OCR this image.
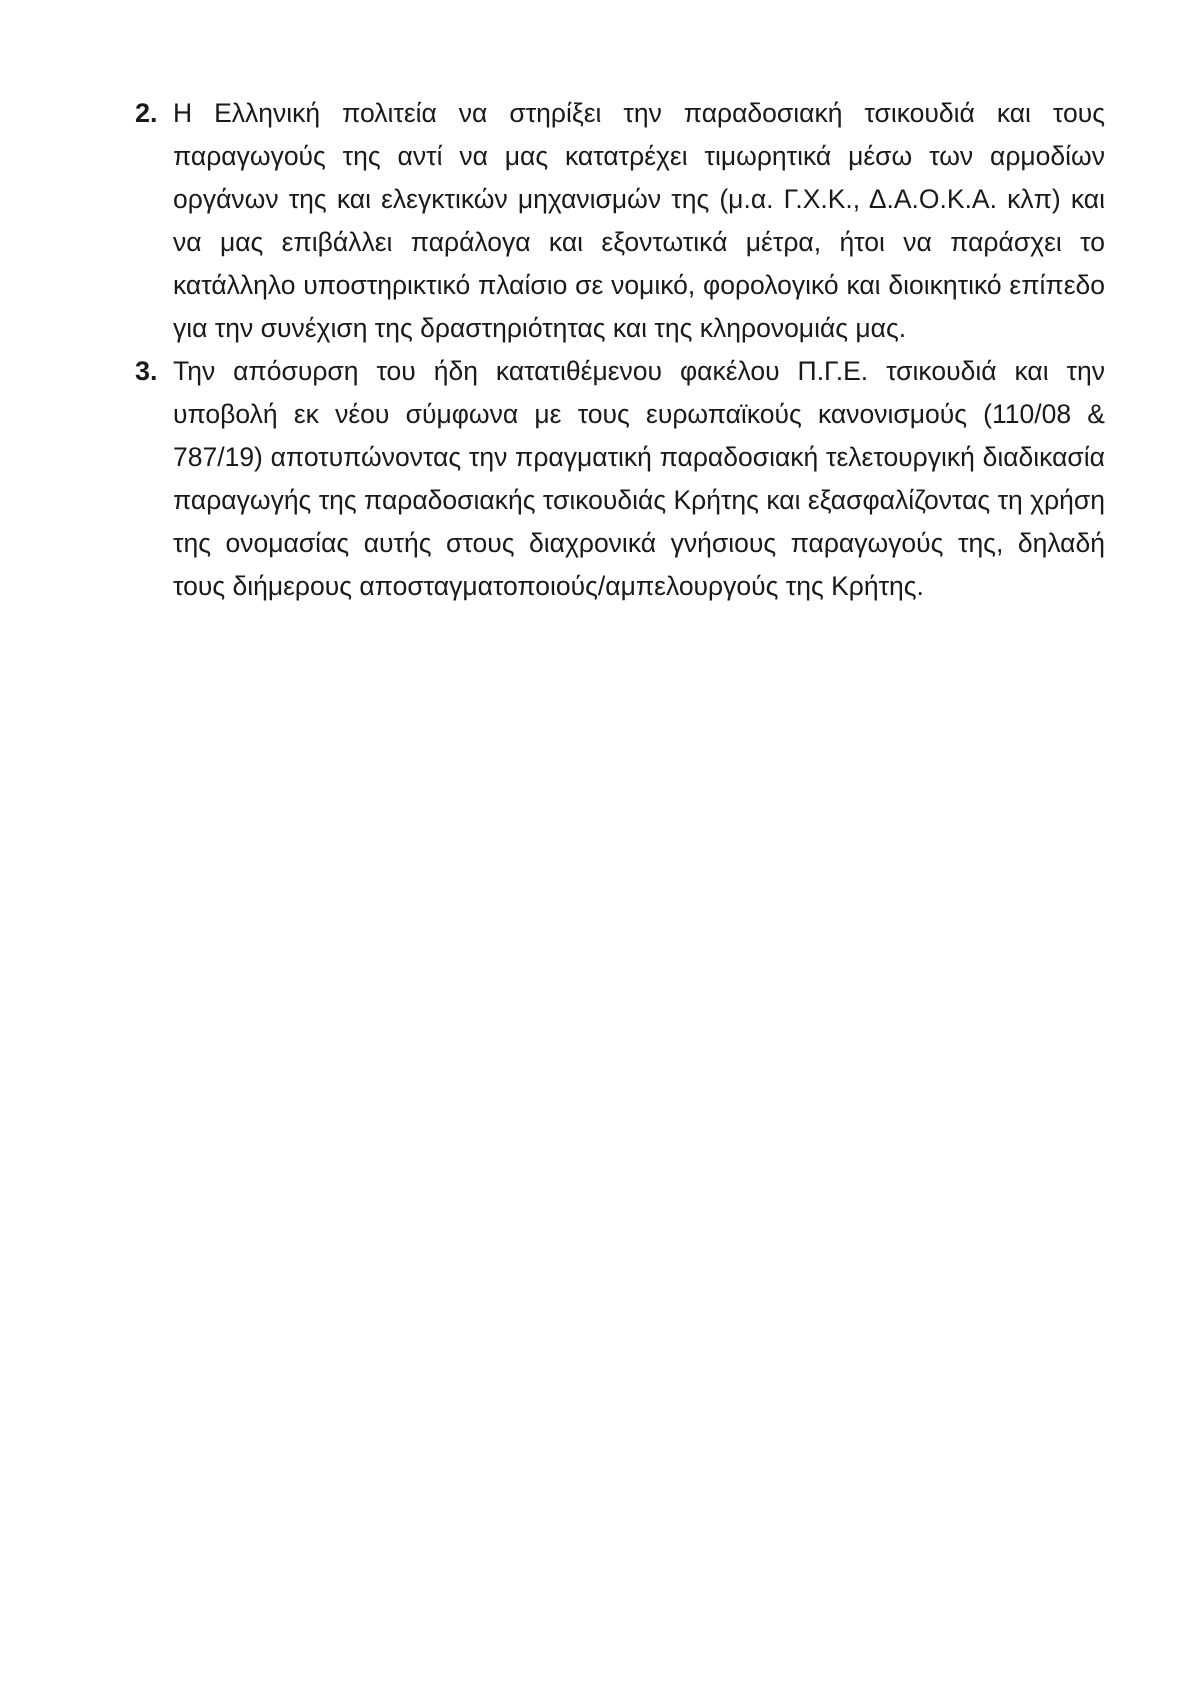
2. Η Ελληνική πολιτεία να στηρίξει την παραδοσιακή τσικουδιά και τους παραγωγούς της αντί να μας κατατρέχει τιμωρητικά μέσω των αρμοδίων οργάνων της και ελεγκτικών μηχανισμών της (μ.α. Γ.Χ.Κ., Δ.Α.Ο.Κ.Α. κλπ) και να μας επιβάλλει παράλογα και εξοντωτικά μέτρα, ήτοι να παράσχει το κατάλληλο υποστηρικτικό πλαίσιο σε νομικό, φορολογικό και διοικητικό επίπεδο για την συνέχιση της δραστηριότητας και της κληρονομιάς μας.
3. Την απόσυρση του ήδη κατατιθέμενου φακέλου Π.Γ.Ε. τσικουδιά και την υποβολή εκ νέου σύμφωνα με τους ευρωπαϊκούς κανονισμούς (110/08 & 787/19) αποτυπώνοντας την πραγματική παραδοσιακή τελετουργική διαδικασία παραγωγής της παραδοσιακής τσικουδιάς Κρήτης και εξασφαλίζοντας τη χρήση της ονομασίας αυτής στους διαχρονικά γνήσιους παραγωγούς της, δηλαδή τους διήμερους αποσταγματοποιούς/αμπελουργούς της Κρήτης.
